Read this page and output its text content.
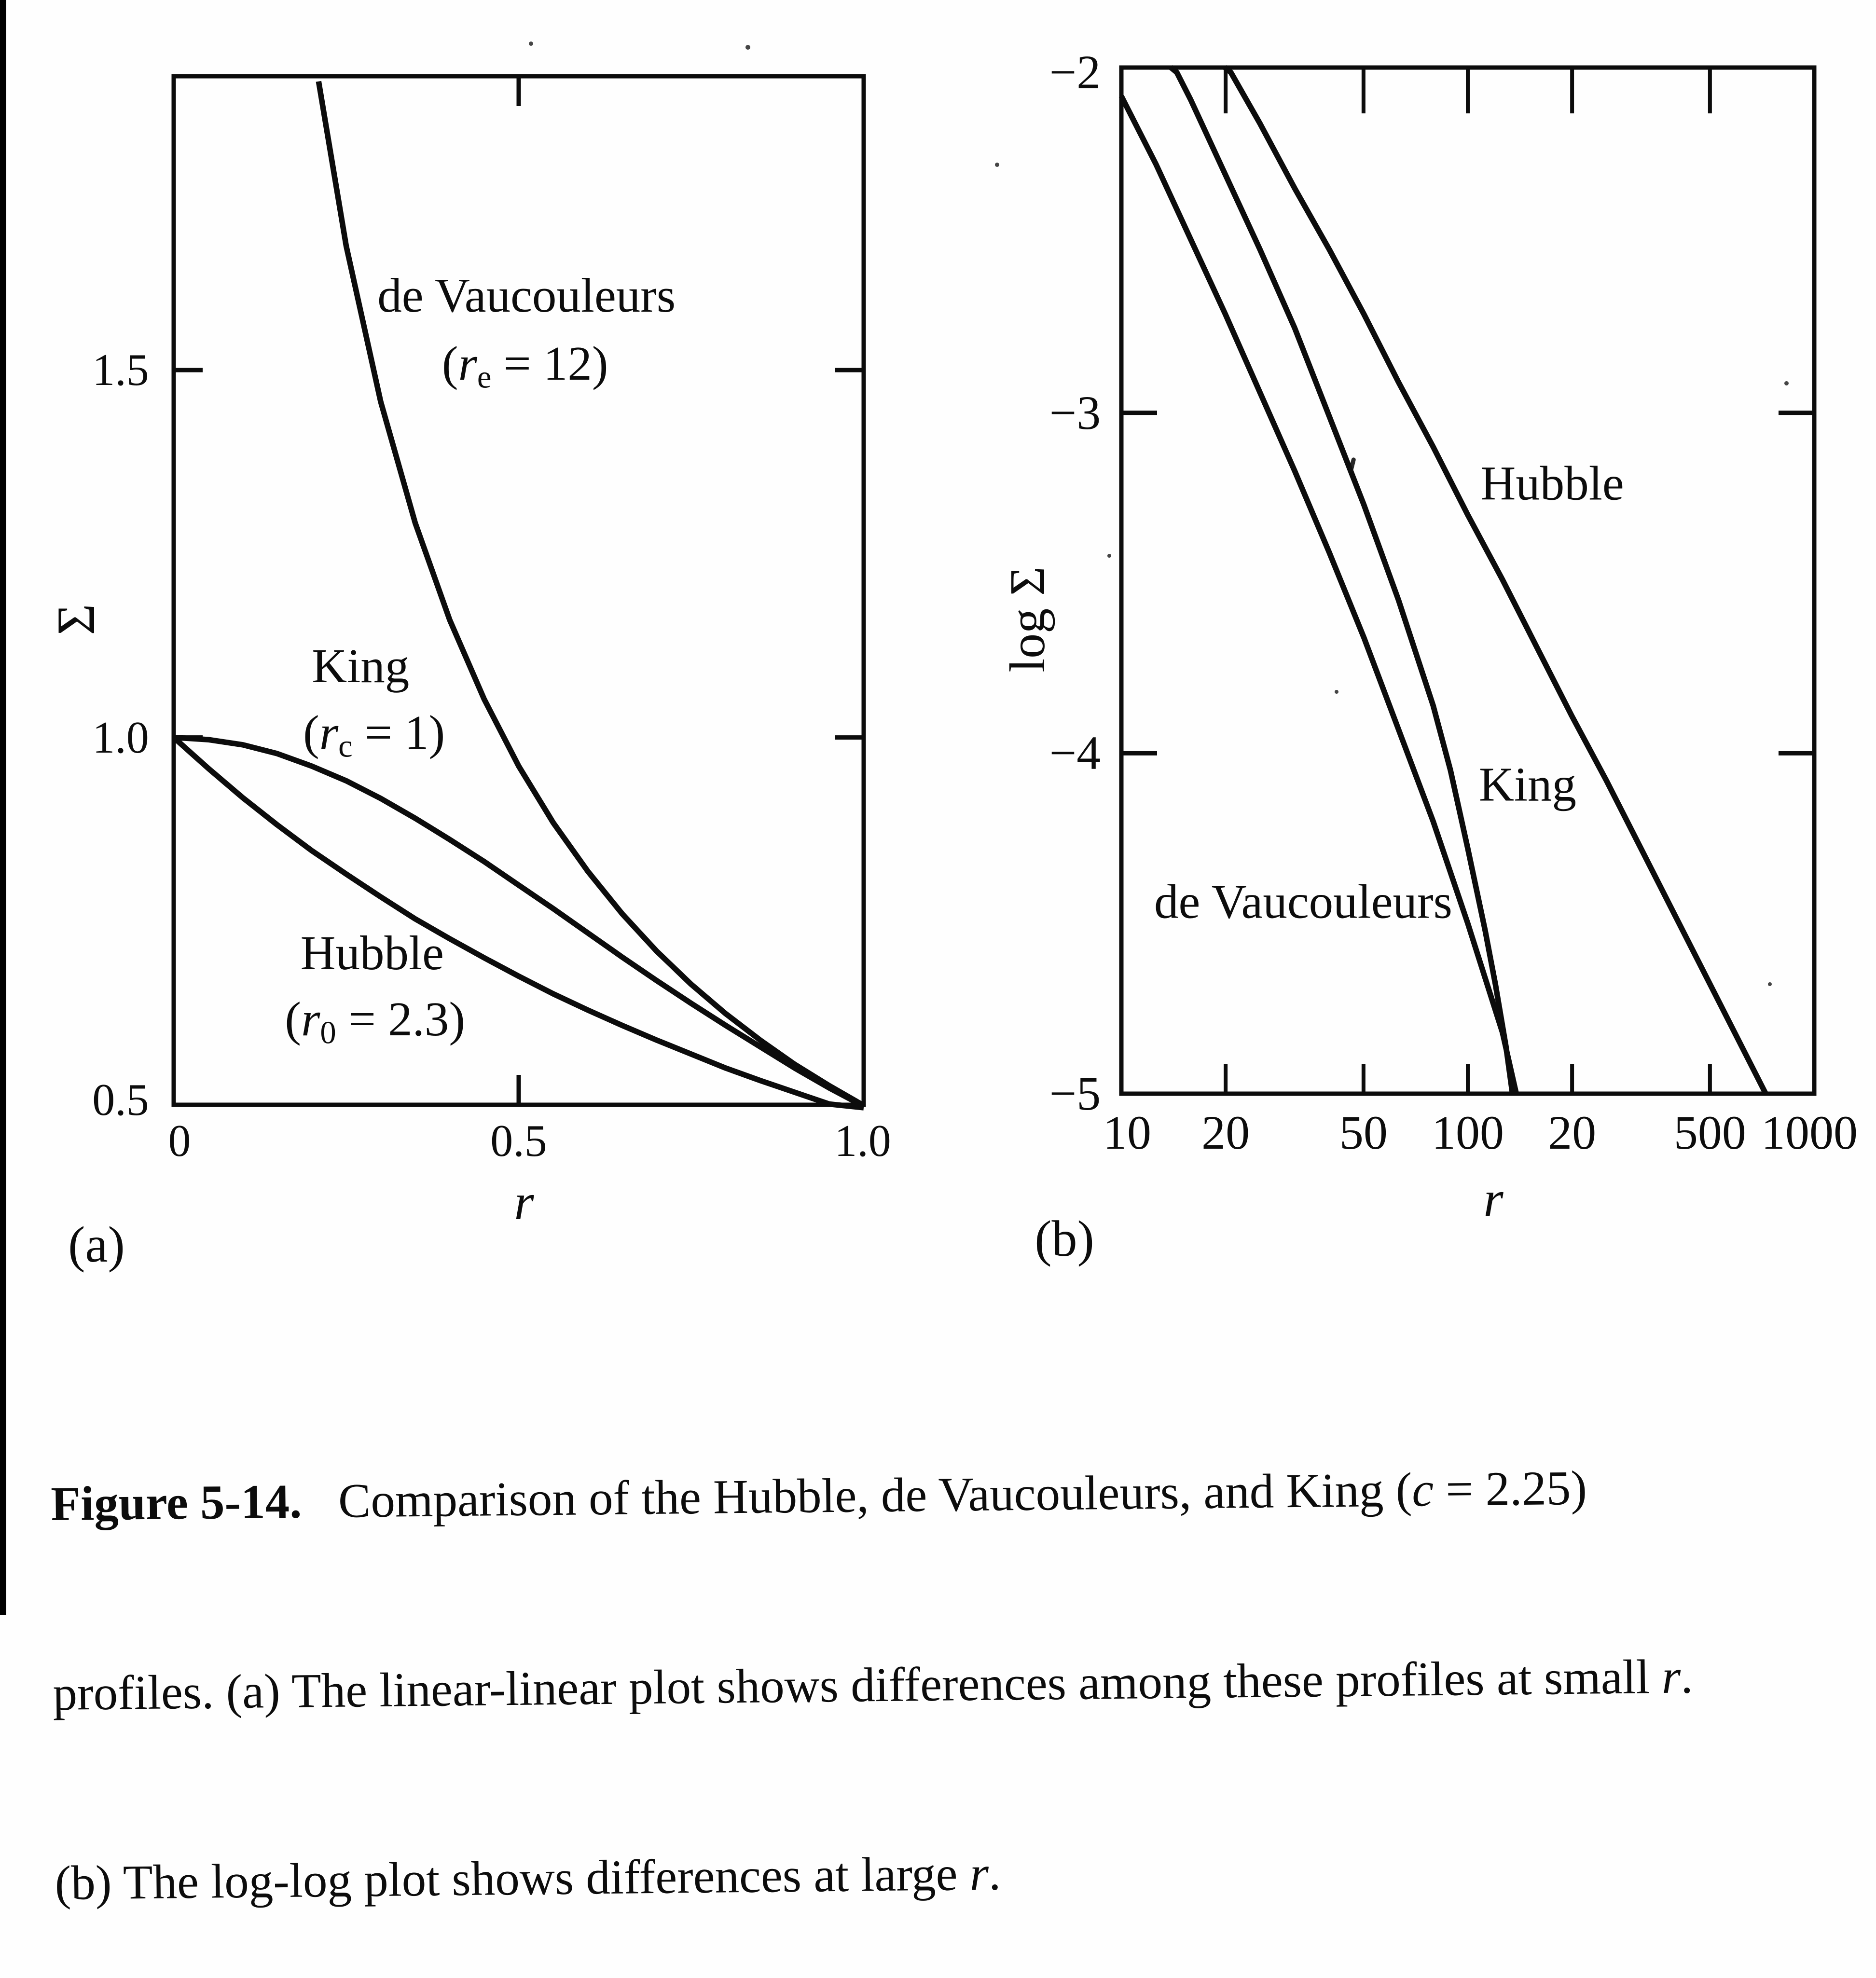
Σ
r
(a)

de Vaucouleurs

$(r_e = 12)$

King

$(r_c = 1)$

Hubble

$(r_0 = 2.3)$

log Σ
r
(b)
Hubble
King
de Vaucouleurs

Figure 5-14.   Comparison of the Hubble, de Vaucouleurs, and King (c = 2.25)

profiles. (a) The linear-linear plot shows differences among these profiles at small r.

(b) The log-log plot shows differences at large r.

0.5
1.0
1.5
0	0.5	1.0
−2
−3
−4
−5
10 20 50 100 20 500 1000
